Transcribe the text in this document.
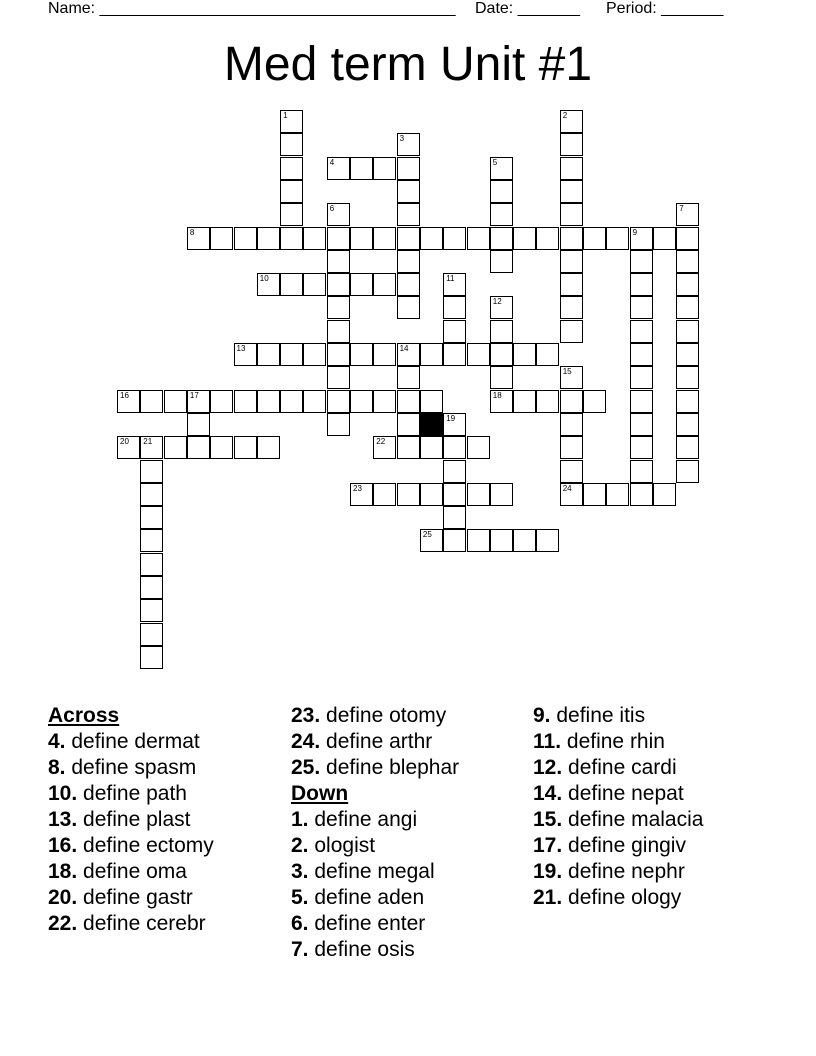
Name: ________________________________________ Date: _______ Period: _______
Med term Unit #1
1	2
3
4	5
6	7
8	9
10	11
12
18
13	14
15
16	17
19
20 21	22
23	24
25
Across
4. define dermat
8. define spasm
10. define path
13. define plast
16. define ectomy
18. define oma
20. define gastr
22. define cerebr
23. define otomy
24. define arthr
25. define blephar
Down
1. define angi
2. ologist
3. define megal
5. define aden
6. define enter
7. define osis
9. define itis
11. define rhin
12. define cardi
14. define nepat
15. define malacia
17. define gingiv
19. define nephr
21. define ology
